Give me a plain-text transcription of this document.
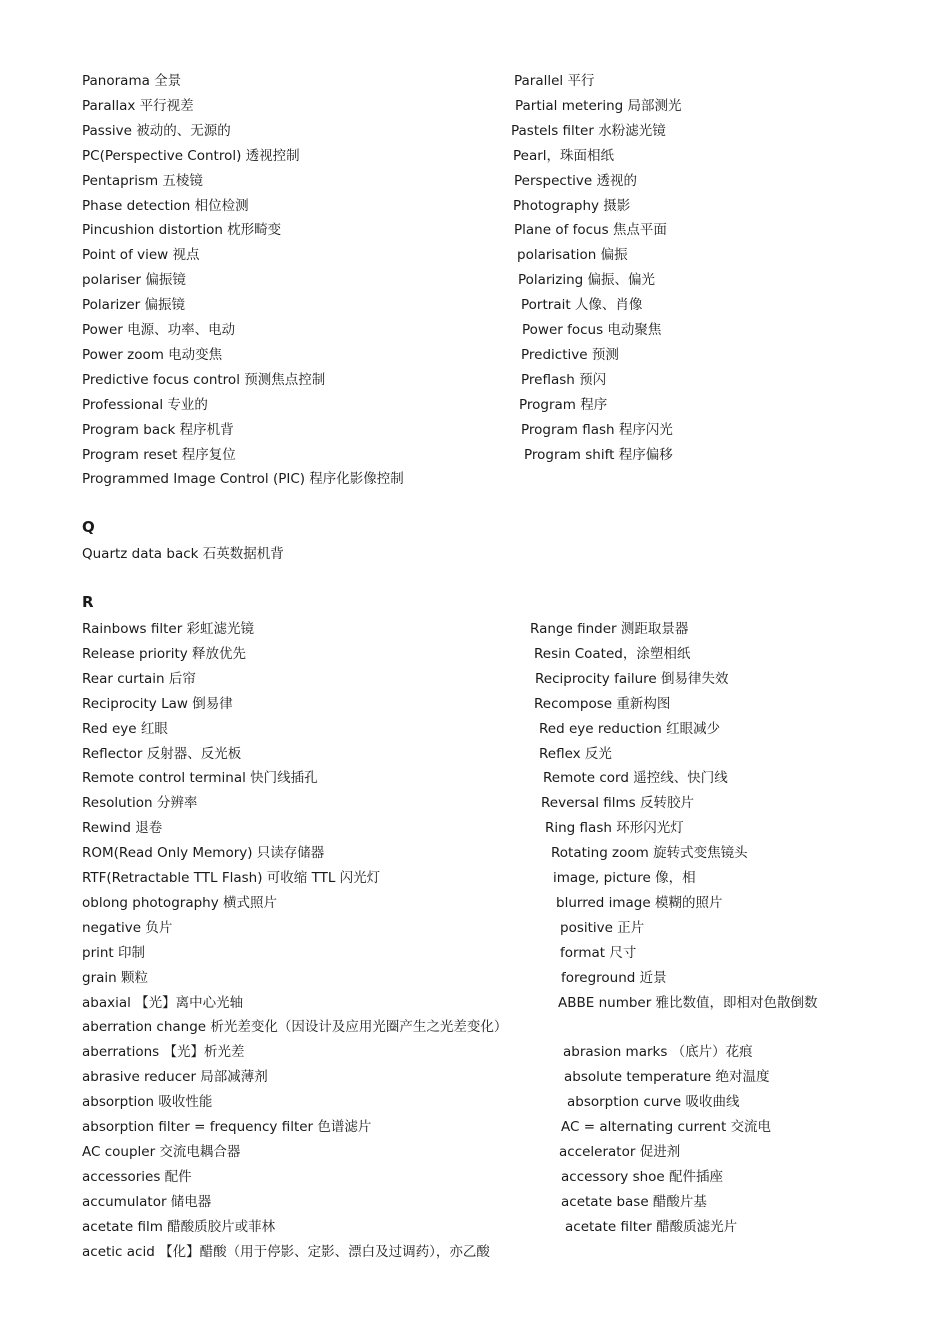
Panorama 全景	Parallel 平行
Parallax 平行视差	Partial metering 局部测光
Passive 被动的、无源的	Pastels filter 水粉滤光镜
PC(Perspective Control) 透视控制	Pearl，珠面相纸
Pentaprism 五棱镜	Perspective 透视的
Phase detection 相位检测	Photography 摄影
Pincushion distortion 枕形畸变	Plane of focus 焦点平面
Point of view 视点	polarisation 偏振
polariser 偏振镜	Polarizing 偏振、偏光
Polarizer 偏振镜	Portrait 人像、肖像
Power 电源、功率、电动	Power focus 电动聚焦
Power zoom 电动变焦	Predictive 预测
Predictive focus control 预测焦点控制	Preflash 预闪
Professional 专业的	Program 程序
Program back 程序机背	Program flash 程序闪光
Program reset 程序复位	Program shift 程序偏移
Programmed Image Control (PIC) 程序化影像控制
Q
Quartz data back 石英数据机背
R
Rainbows filter 彩虹滤光镜	Range finder 测距取景器
Release priority 释放优先	Resin Coated，涂塑相纸
Rear curtain 后帘	Reciprocity failure 倒易律失效
Reciprocity Law 倒易律	Recompose 重新构图
Red eye 红眼	Red eye reduction 红眼减少
Reflector 反射器、反光板	Reflex 反光
Remote control terminal 快门线插孔	Remote cord 遥控线、快门线
Resolution 分辨率	Reversal films 反转胶片
Rewind 退卷	Ring flash 环形闪光灯
ROM(Read Only Memory) 只读存储器	Rotating zoom 旋转式变焦镜头
RTF(Retractable TTL Flash) 可收缩 TTL 闪光灯	image, picture 像，相
oblong photography 横式照片	blurred image 模糊的照片
negative 负片	positive 正片
print 印制	format 尺寸
grain 颗粒	foreground 近景
abaxial 【光】离中心光轴	ABBE number 雅比数值，即相对色散倒数
aberration change 析光差变化（因设计及应用光圈产生之光差变化）
aberrations 【光】析光差	abrasion marks （底片）花痕
abrasive reducer 局部减薄剂	absolute temperature 绝对温度
absorption 吸收性能	absorption curve 吸收曲线
absorption filter = frequency filter 色谱滤片	AC = alternating current 交流电
AC coupler 交流电耦合器	accelerator 促进剂
accessories 配件	accessory shoe 配件插座
accumulator 储电器	acetate base 醋酸片基
acetate film 醋酸质胶片或菲林	acetate filter 醋酸质滤光片
acetic acid 【化】醋酸（用于停影、定影、漂白及过调药），亦乙酸
